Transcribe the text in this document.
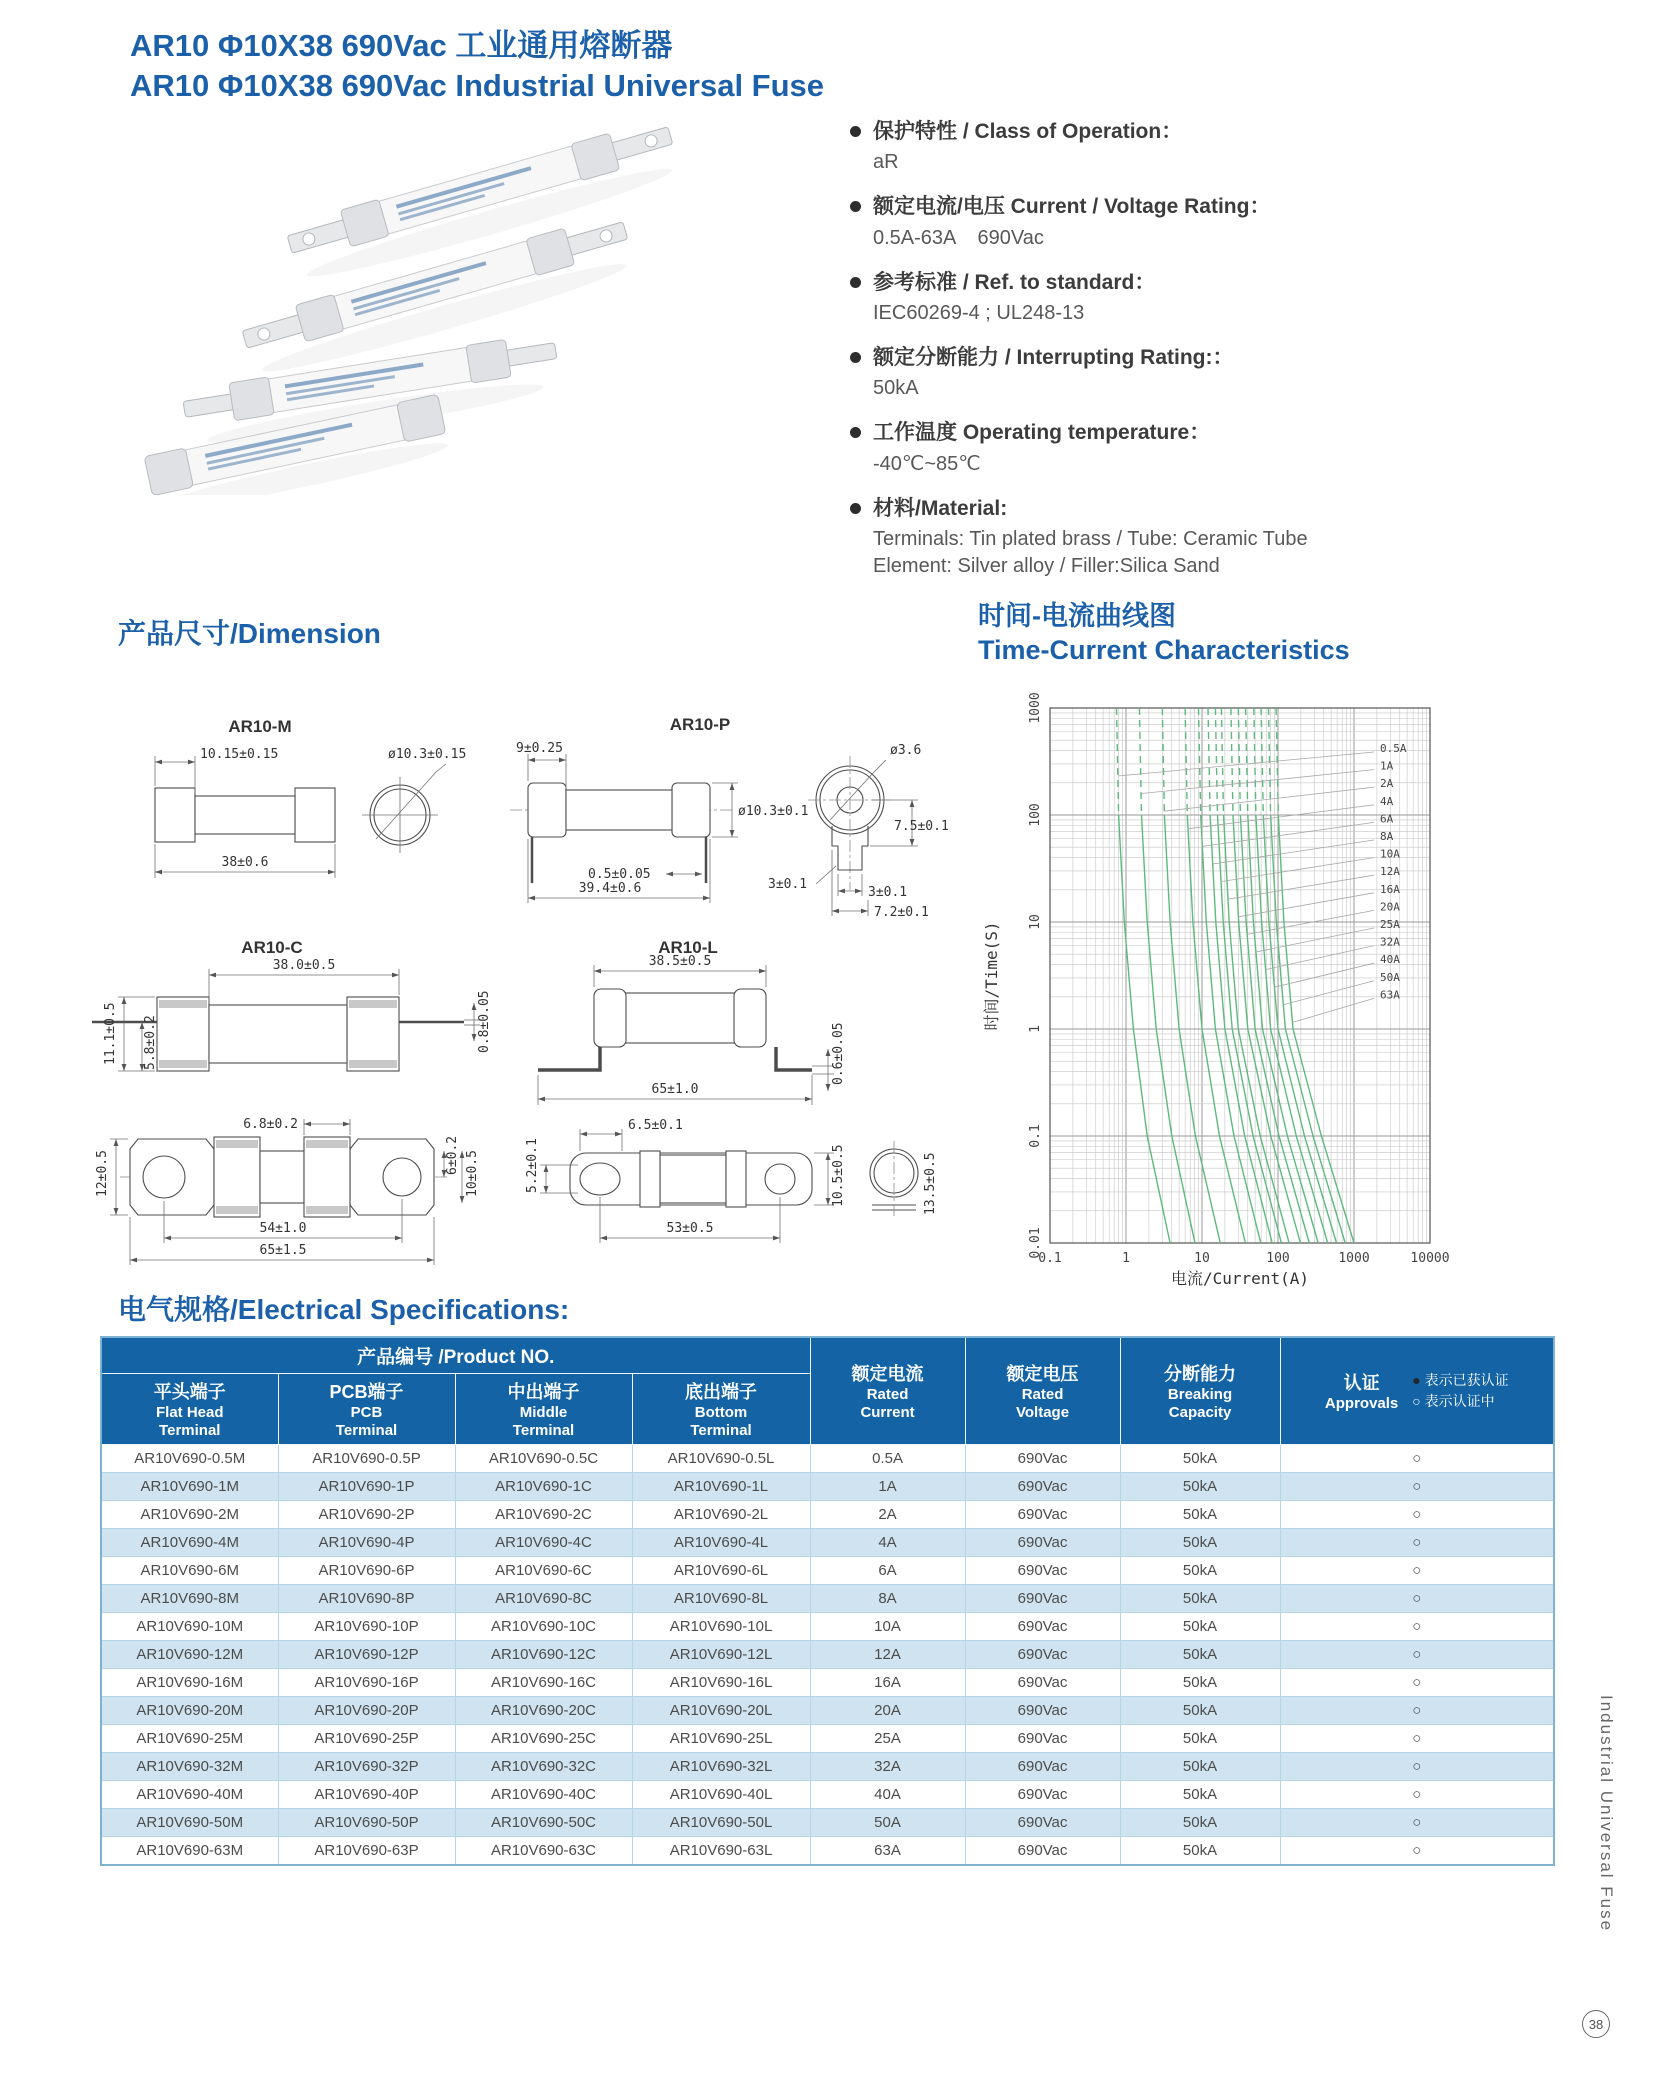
AR10 Φ10X38 690Vac 工业通用熔断器
AR10 Φ10X38 690Vac Industrial Universal Fuse
保护特性 / Class of Operation：
aR
额定电流/电压 Current / Voltage Rating：
0.5A-63A    690Vac
参考标准 / Ref. to standard：
IEC60269-4 ; UL248-13
额定分断能力 / Interrupting Rating:：
50kA
工作温度 Operating temperature：
-40℃~85℃
材料/Material:
Terminals: Tin plated brass / Tube: Ceramic Tube
Element: Silver alloy / Filler:Silica Sand
产品尺寸/Dimension
时间-电流曲线图
Time-Current Characteristics
AR10-M
10.15±0.15
38±0.6
ø10.3±0.15
AR10-P
9±0.25
ø10.3±0.1
0.5±0.05
39.4±0.6
ø3.6
7.5±0.1
3±0.1
3±0.1
7.2±0.1
AR10-C
38.0±0.5
0.8±0.05
11.1±0.5 5.8±0.2
6.8±0.2
6±0.2 10±0.5
12±0.5
54±1.0
65±1.5
AR10-L
38.5±0.5
0.6±0.05
65±1.0
5.2±0.1
6.5±0.1
10.5±0.5
53±0.5
13.5±0.5
0.5A
1A
2A
4A
6A
8A
10A
12A
16A
20A
25A
32A
40A
50A
63A
1000
100
10
1
0.1
0.01
0.1	1	10	100	1000	10000
时间/Time(S)
电流/Current(A)
电气规格/Electrical Specifications:
产品编号 /Product NO.	
额定电流
Rated
Current

额定电压
Rated
Voltage

分断能力
Breaking
Capacity

认证
Approvals
● 表示已获认证
○ 表示认证中

平头端子
Flat Head
Terminal	PCB端子
PCB
Terminal	中出端子
Middle
Terminal	底出端子
Bottom
Terminal				

AR10V690-0.5M	AR10V690-0.5P	AR10V690-0.5C	AR10V690-0.5L	0.5A	690Vac	50kA	○
AR10V690-1M	AR10V690-1P	AR10V690-1C	AR10V690-1L	1A	690Vac	50kA	○
AR10V690-2M	AR10V690-2P	AR10V690-2C	AR10V690-2L	2A	690Vac	50kA	○
AR10V690-4M	AR10V690-4P	AR10V690-4C	AR10V690-4L	4A	690Vac	50kA	○
AR10V690-6M	AR10V690-6P	AR10V690-6C	AR10V690-6L	6A	690Vac	50kA	○
AR10V690-8M	AR10V690-8P	AR10V690-8C	AR10V690-8L	8A	690Vac	50kA	○
AR10V690-10M	AR10V690-10P	AR10V690-10C	AR10V690-10L	10A	690Vac	50kA	○
AR10V690-12M	AR10V690-12P	AR10V690-12C	AR10V690-12L	12A	690Vac	50kA	○
AR10V690-16M	AR10V690-16P	AR10V690-16C	AR10V690-16L	16A	690Vac	50kA	○
AR10V690-20M	AR10V690-20P	AR10V690-20C	AR10V690-20L	20A	690Vac	50kA	○
AR10V690-25M	AR10V690-25P	AR10V690-25C	AR10V690-25L	25A	690Vac	50kA	○
AR10V690-32M	AR10V690-32P	AR10V690-32C	AR10V690-32L	32A	690Vac	50kA	○
AR10V690-40M	AR10V690-40P	AR10V690-40C	AR10V690-40L	40A	690Vac	50kA	○
AR10V690-50M	AR10V690-50P	AR10V690-50C	AR10V690-50L	50A	690Vac	50kA	○
AR10V690-63M	AR10V690-63P	AR10V690-63C	AR10V690-63L	63A	690Vac	50kA	○	Industrial Universal Fuse
38
